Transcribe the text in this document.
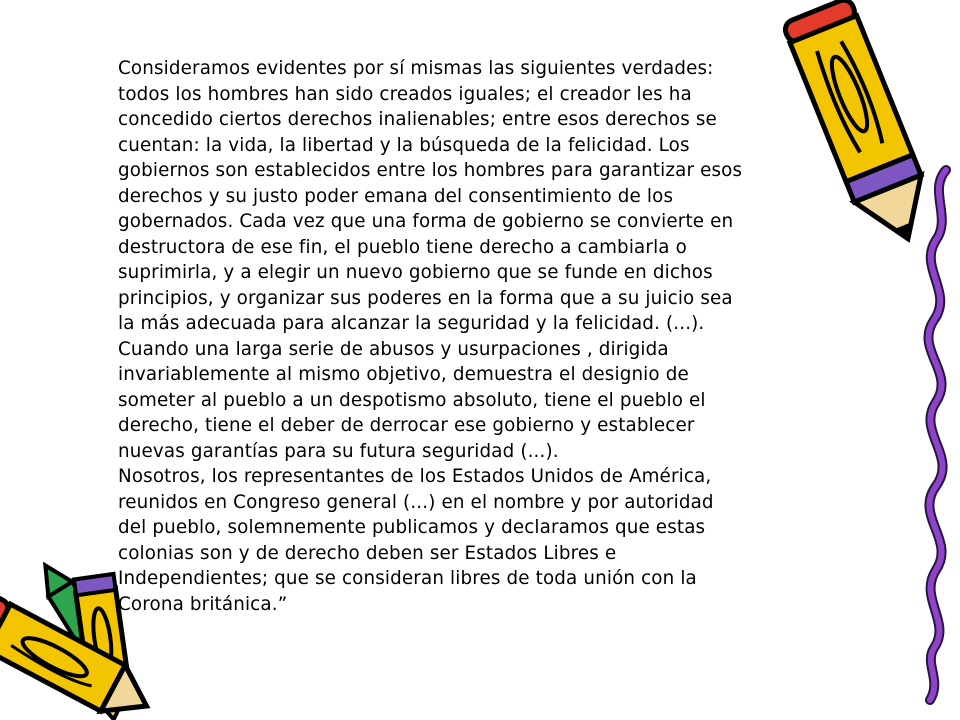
Consideramos evidentes por sí mismas las siguientes verdades:
todos los hombres han sido creados iguales; el creador les ha
concedido ciertos derechos inalienables; entre esos derechos se
cuentan: la vida, la libertad y la búsqueda de la felicidad. Los
gobiernos son establecidos entre los hombres para garantizar esos
derechos y su justo poder emana del consentimiento de los
gobernados. Cada vez que una forma de gobierno se convierte en
destructora de ese fin, el pueblo tiene derecho a cambiarla o
suprimirla, y a elegir un nuevo gobierno que se funde en dichos
principios, y organizar sus poderes en la forma que a su juicio sea
la más adecuada para alcanzar la seguridad y la felicidad. (...).
Cuando una larga serie de abusos y usurpaciones , dirigida
invariablemente al mismo objetivo, demuestra el designio de
someter al pueblo a un despotismo absoluto, tiene el pueblo el
derecho, tiene el deber de derrocar ese gobierno y establecer
nuevas garantías para su futura seguridad (...).
Nosotros, los representantes de los Estados Unidos de América,
reunidos en Congreso general (...) en el nombre y por autoridad
del pueblo, solemnemente publicamos y declaramos que estas
colonias son y de derecho deben ser Estados Libres e
Independientes; que se consideran libres de toda unión con la
Corona británica.”
